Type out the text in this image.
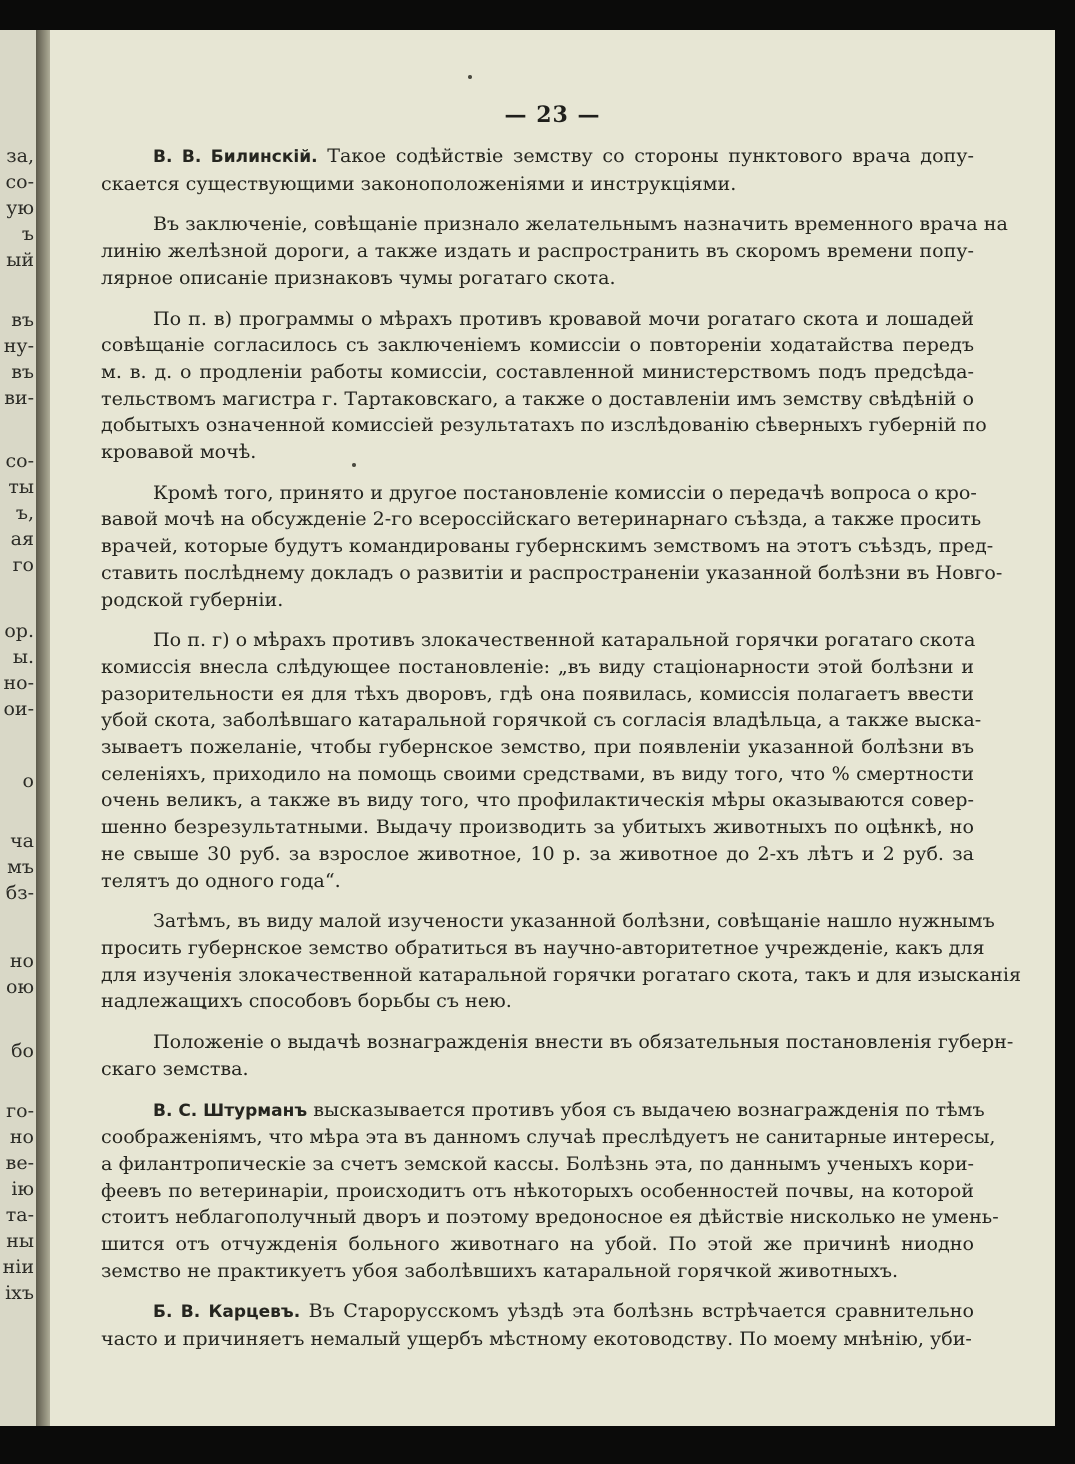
за,
со-
ую
ъ
ый
въ
ну-
въ
ви-
со-
ты
ъ,
ая
го
ор.
ы.
но-
ои-
о
ча
мъ
бз-
но
ою
бо
го-
но
ве-
ію
та-
ны
ніи
іхъ
— 23 —
В. В. Билинскій. Такое содѣйствіе земству со стороны пунктового врача допу-
скается существующими законоположеніями и инструкціями.
Въ заключеніе, совѣщаніе признало желательнымъ назначить временного врача на
линію желѣзной дороги, а также издать и распространить въ скоромъ времени попу-
лярное описаніе признаковъ чумы рогатаго скота.
По п. в) программы о мѣрахъ противъ кровавой мочи рогатаго скота и лошадей
совѣщаніе согласилось съ заключеніемъ комиссіи о повтореніи ходатайства передъ
м. в. д. о продленіи работы комиссіи, составленной министерствомъ подъ предсѣда-
тельствомъ магистра г. Тартаковскаго, а также о доставленіи имъ земству свѣдѣній о
добытыхъ означенной комиссіей результатахъ по изслѣдованію сѣверныхъ губерній по
кровавой мочѣ.
Кромѣ того, принято и другое постановленіе комиссіи о передачѣ вопроса о кро-
вавой мочѣ на обсужденіе 2-го всероссійскаго ветеринарнаго съѣзда, а также просить
врачей, которые будутъ командированы губернскимъ земствомъ на этотъ съѣздъ, пред-
ставить послѣднему докладъ о развитіи и распространеніи указанной болѣзни въ Новго-
родской губерніи.
По п. г) о мѣрахъ противъ злокачественной катаральной горячки рогатаго скота
комиссія внесла слѣдующее постановленіе: „въ виду стаціонарности этой болѣзни и
разорительности ея для тѣхъ дворовъ, гдѣ она появилась, комиссія полагаетъ ввести
убой скота, заболѣвшаго катаральной горячкой съ согласія владѣльца, а также выска-
зываетъ пожеланіе, чтобы губернское земство, при появленіи указанной болѣзни въ
селеніяхъ, приходило на помощь своими средствами, въ виду того, что % смертности
очень великъ, а также въ виду того, что профилактическія мѣры оказываются совер-
шенно безрезультатными. Выдачу производить за убитыхъ животныхъ по оцѣнкѣ, но
не свыше 30 руб. за взрослое животное, 10 р. за животное до 2-хъ лѣтъ и 2 руб. за
телятъ до одного года“.
Затѣмъ, въ виду малой изучености указанной болѣзни, совѣщаніе нашло нужнымъ
просить губернское земство обратиться въ научно-авторитетное учрежденіе, какъ для
для изученія злокачественной катаральной горячки рогатаго скота, такъ и для изысканія
надлежащихъ способовъ борьбы съ нею.
Положеніе о выдачѣ вознагражденія внести въ обязательныя постановленія губерн-
скаго земства.
В. С. Штурманъ высказывается противъ убоя съ выдачею вознагражденія по тѣмъ
соображеніямъ, что мѣра эта въ данномъ случаѣ преслѣдуетъ не санитарные интересы,
а филантропическіе за счетъ земской кассы. Болѣзнь эта, по даннымъ ученыхъ кори-
феевъ по ветеринаріи, происходитъ отъ нѣкоторыхъ особенностей почвы, на которой
стоитъ неблагополучный дворъ и поэтому вредоносное ея дѣйствіе нисколько не умень-
шится отъ отчужденія больного животнаго на убой. По этой же причинѣ ниодно
земство не практикуетъ убоя заболѣвшихъ катаральной горячкой животныхъ.
Б. В. Карцевъ. Въ Старорусскомъ уѣздѣ эта болѣзнь встрѣчается сравнительно
часто и причиняетъ немалый ущербъ мѣстному екотоводству. По моему мнѣнію, уби-
